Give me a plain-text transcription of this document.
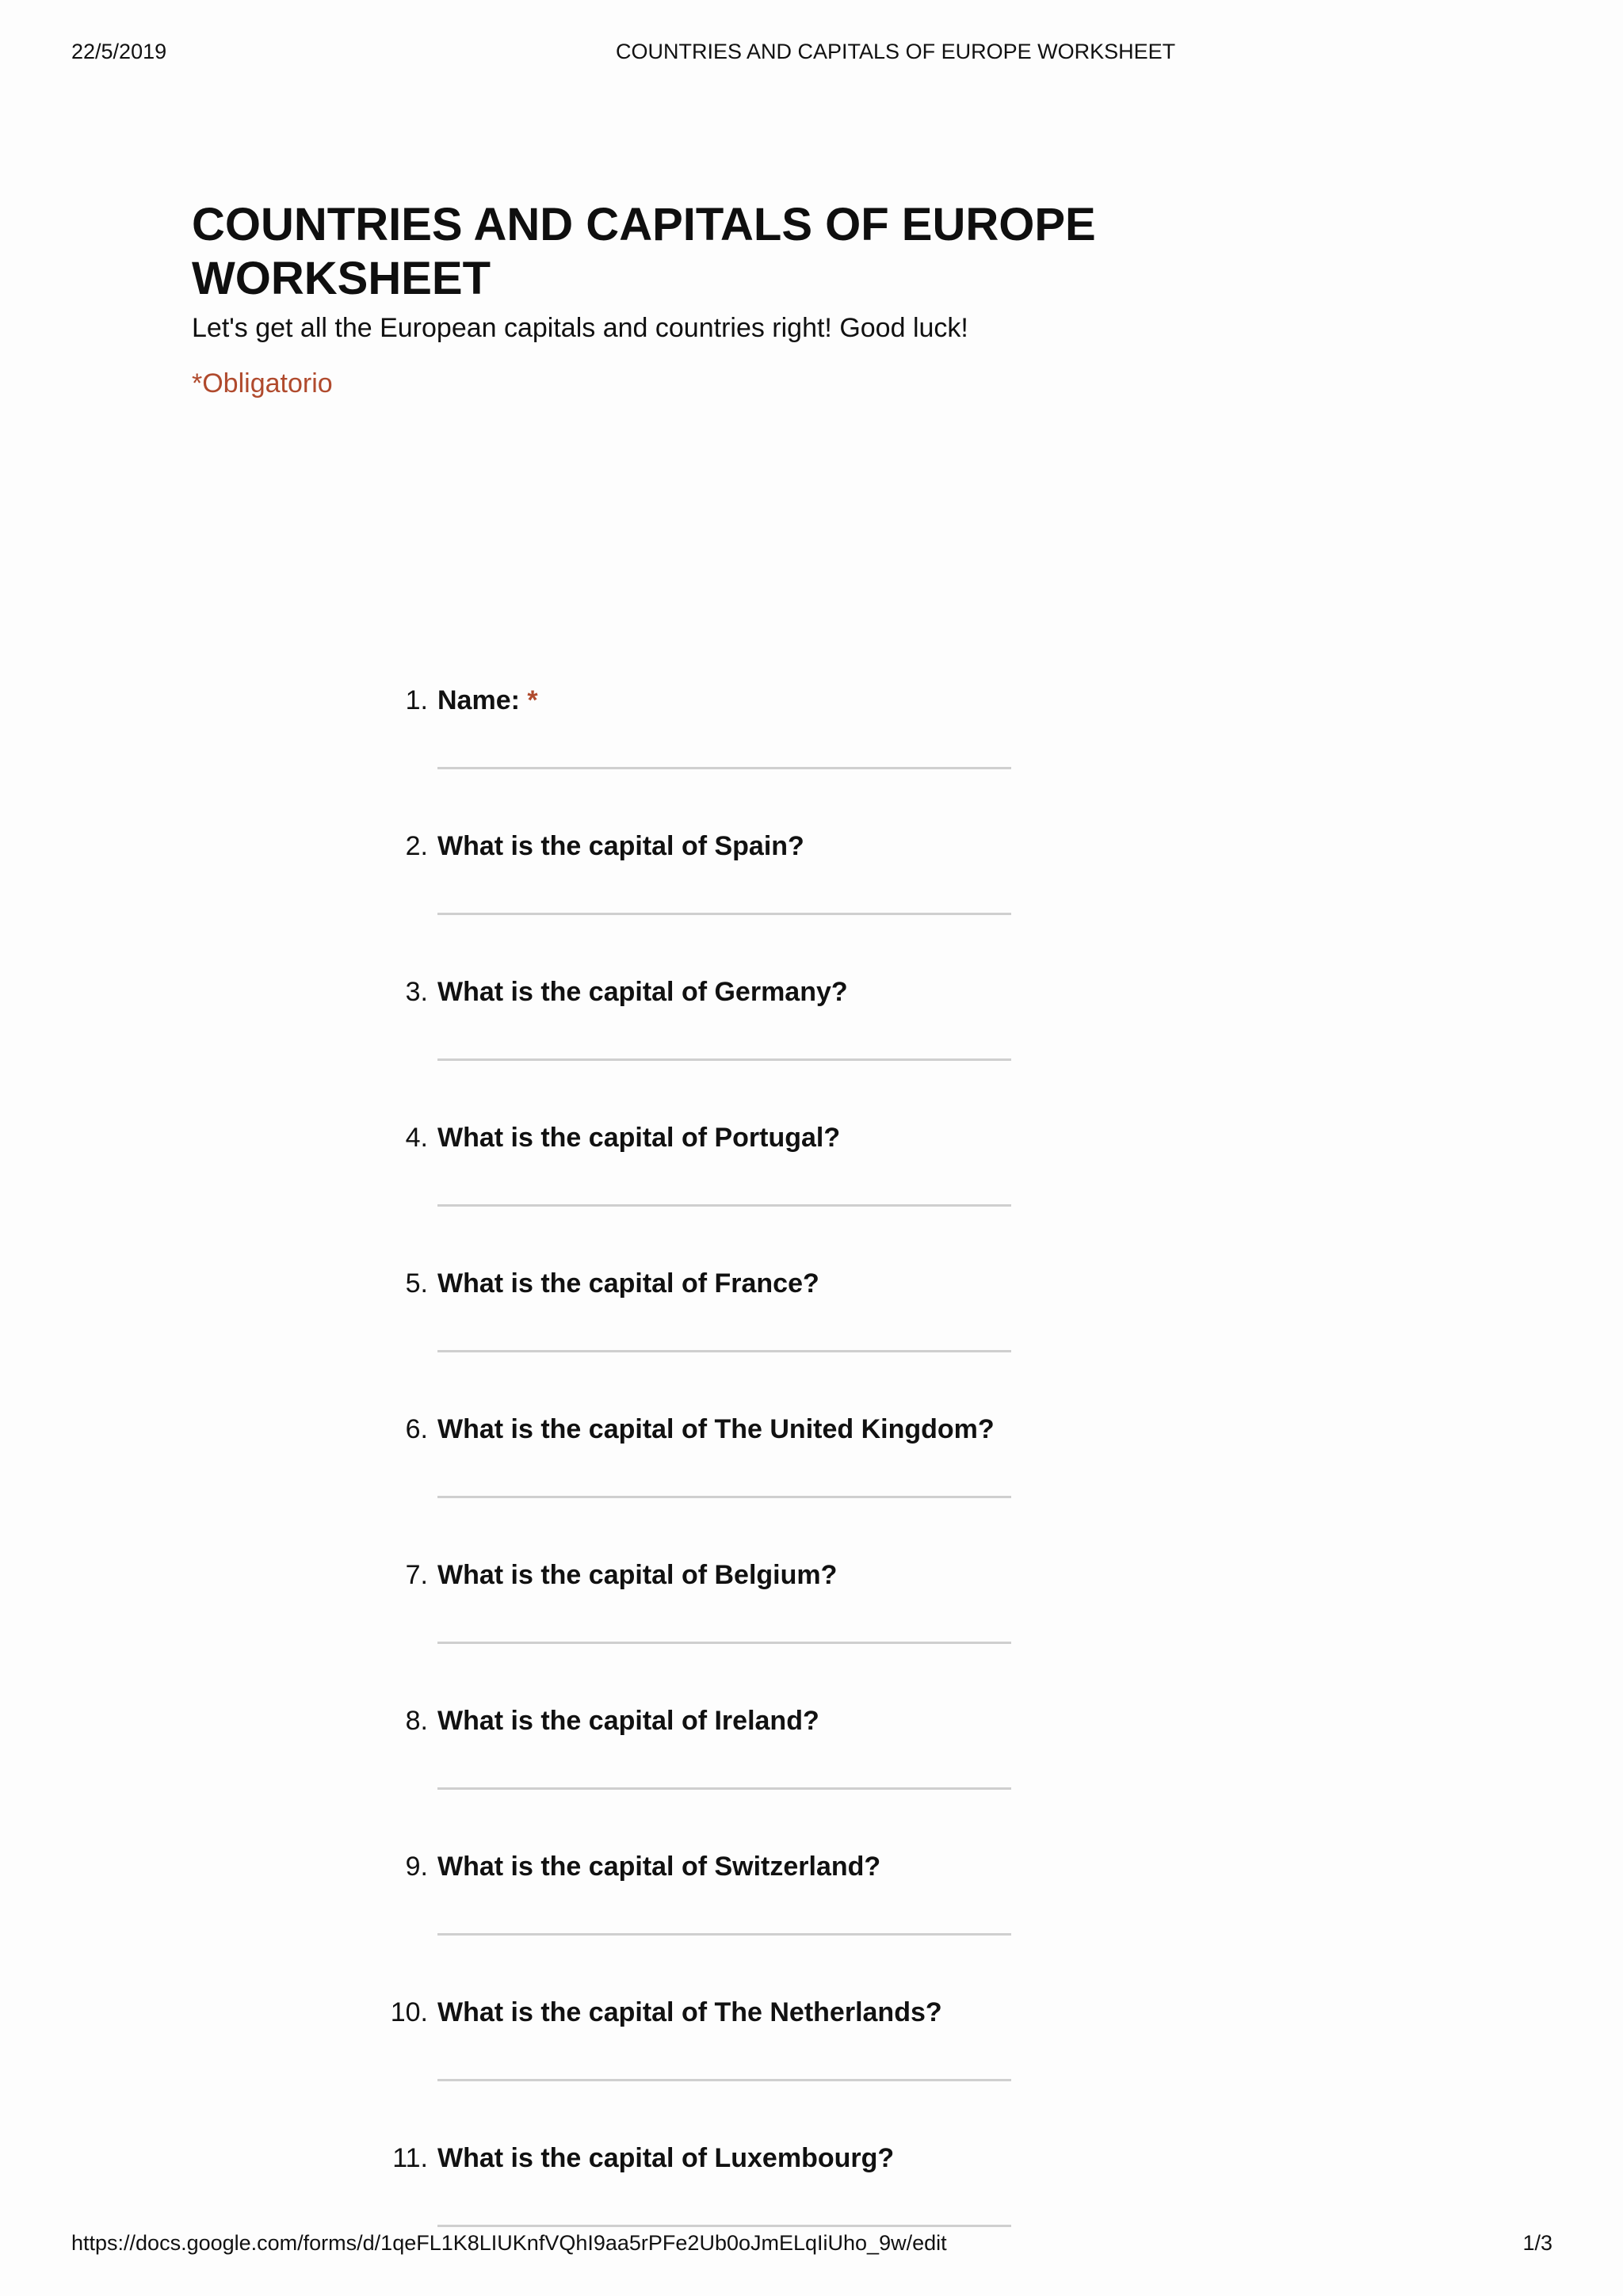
22/5/2019	COUNTRIES AND CAPITALS OF EUROPE WORKSHEET
COUNTRIES AND CAPITALS OF EUROPE
WORKSHEET
Let's get all the European capitals and countries right! Good luck!
*Obligatorio
1. Name: *
2. What is the capital of Spain?
3. What is the capital of Germany?
4. What is the capital of Portugal?
5. What is the capital of France?
6. What is the capital of The United Kingdom?
7. What is the capital of Belgium?
8. What is the capital of Ireland?
9. What is the capital of Switzerland?
10. What is the capital of The Netherlands?
11. What is the capital of Luxembourg?
https://docs.google.com/forms/d/1qeFL1K8LIUKnfVQhI9aa5rPFe2Ub0oJmELqIiUho_9w/edit	1/3
